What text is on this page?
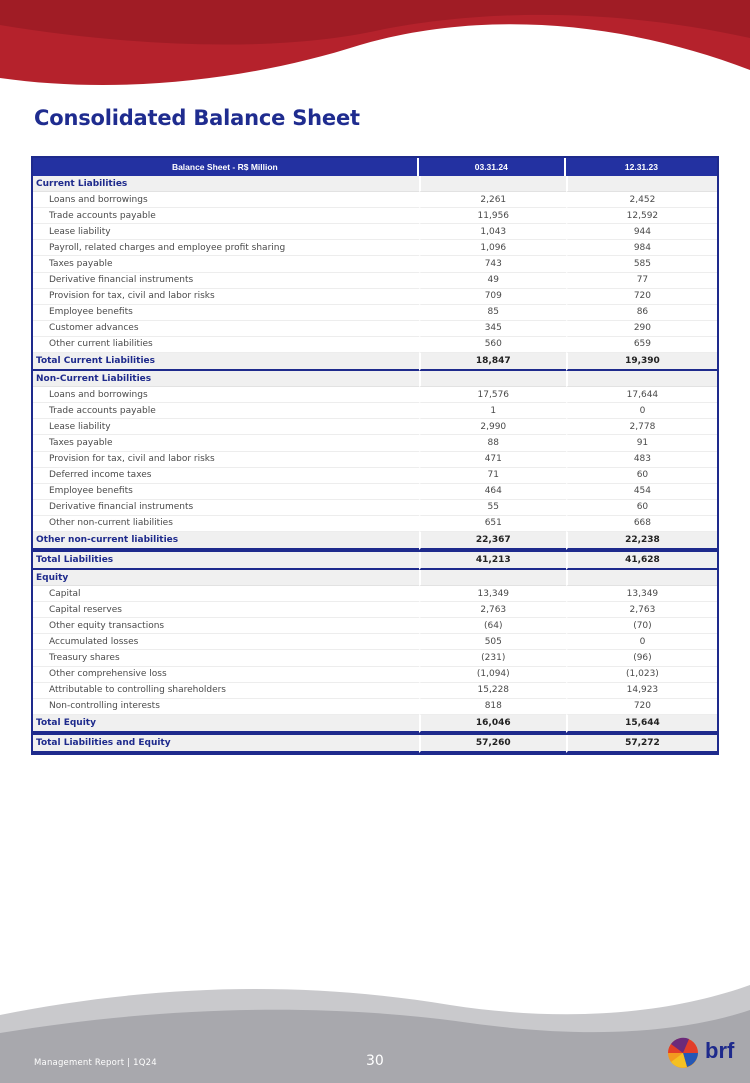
Consolidated Balance Sheet
Balance Sheet - R$ Million	03.31.24	12.31.23
Current Liabilities		
Loans and borrowings	2,261	2,452
Trade accounts payable	11,956	12,592
Lease liability	1,043	944
Payroll, related charges and employee profit sharing	1,096	984
Taxes payable	743	585
Derivative financial instruments	49	77
Provision for tax, civil and labor risks	709	720
Employee benefits	85	86
Customer advances	345	290
Other current liabilities	560	659
Total Current Liabilities	18,847	19,390
Non-Current Liabilities		
Loans and borrowings	17,576	17,644
Trade accounts payable	1	0
Lease liability	2,990	2,778
Taxes payable	88	91
Provision for tax, civil and labor risks	471	483
Deferred income taxes	71	60
Employee benefits	464	454
Derivative financial instruments	55	60
Other non-current liabilities	651	668
Other non-current liabilities	22,367	22,238

Total Liabilities	41,213	41,628
Equity		
Capital	13,349	13,349
Capital reserves	2,763	2,763
Other equity transactions	(64)	(70)
Accumulated losses	505	0
Treasury shares	(231)	(96)
Other comprehensive loss	(1,094)	(1,023)
Attributable to controlling shareholders	15,228	14,923
Non-controlling interests	818	720
Total Equity	16,046	15,644

Total Liabilities and Equity	57,260	57,272
Management Report | 1Q24	30	brf
